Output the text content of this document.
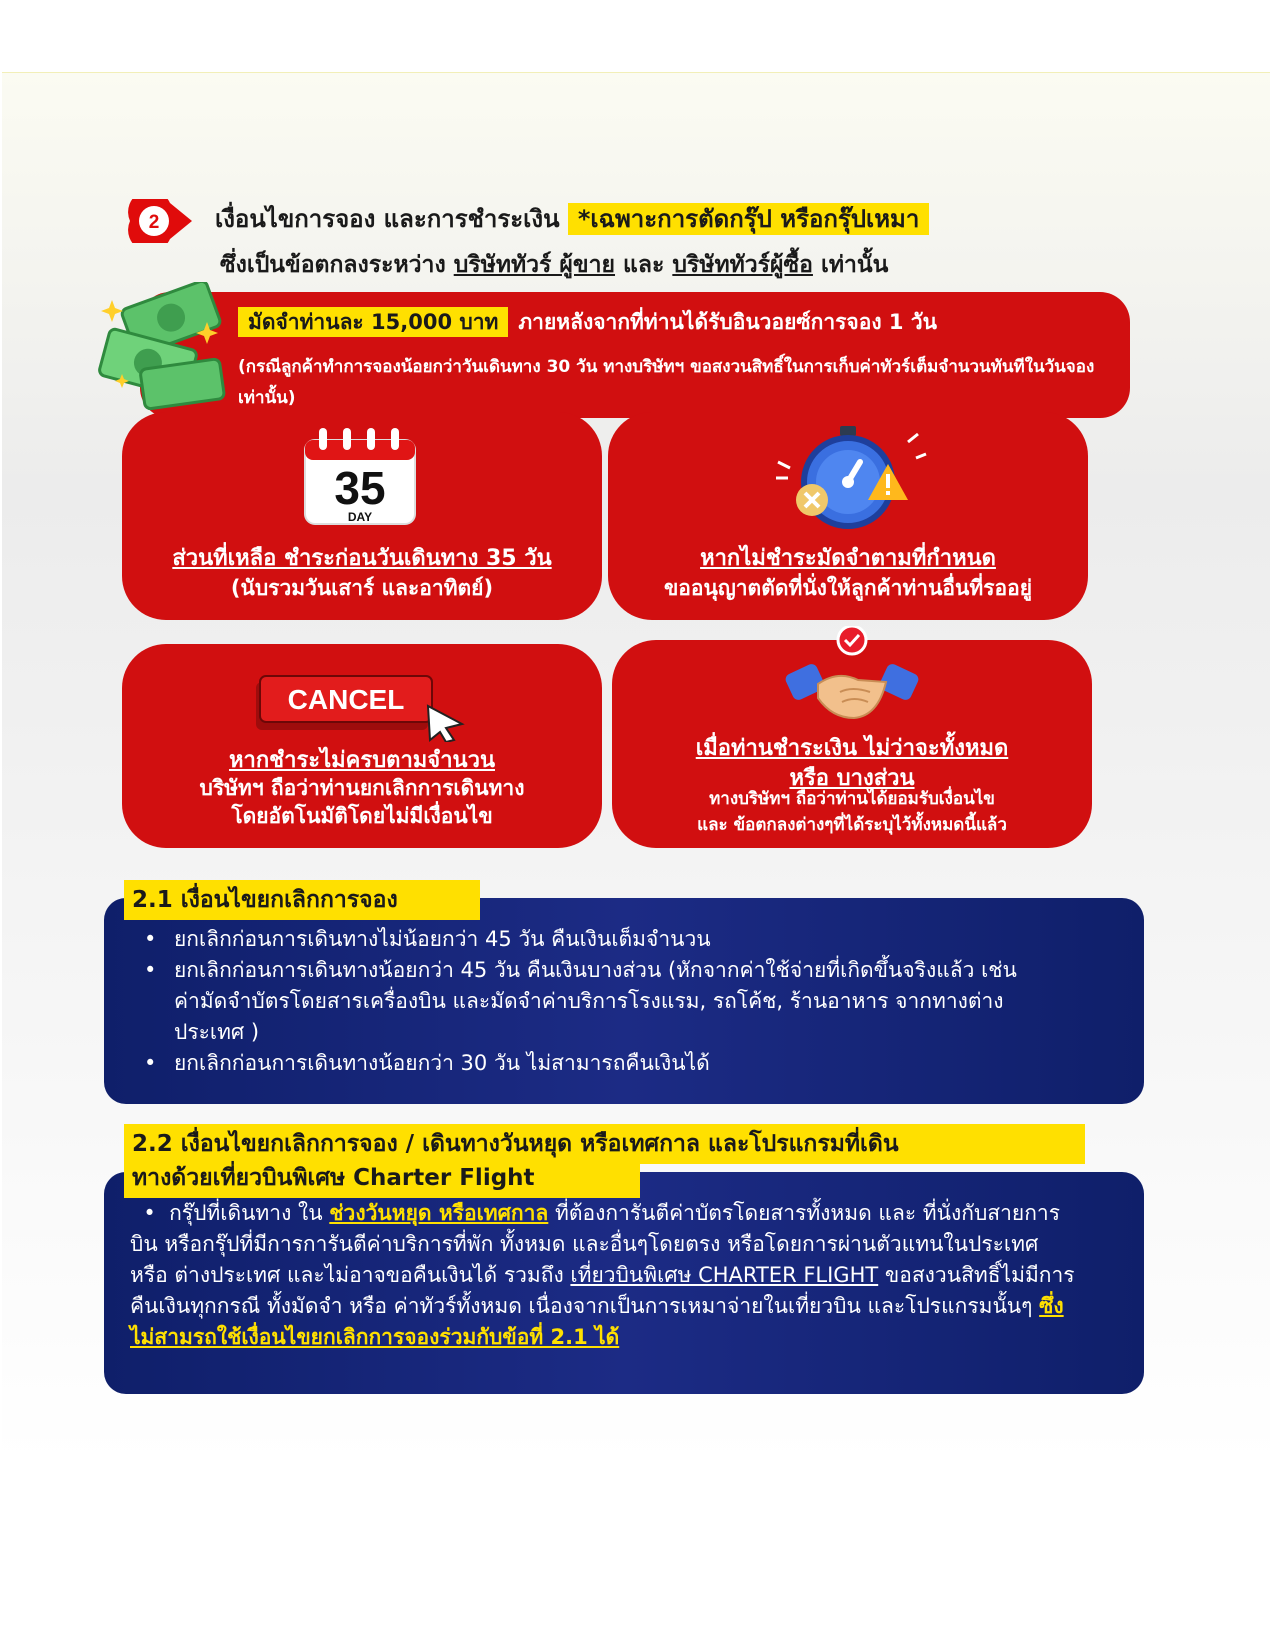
2 เงื่อนไขการจอง และการชำระเงิน *เฉพาะการตัดกรุ๊ป หรือกรุ๊ปเหมา
ซึ่งเป็นข้อตกลงระหว่าง บริษัททัวร์ ผู้ขาย และ บริษัททัวร์ผู้ซื้อ เท่านั้น
มัดจำท่านละ 15,000 บาท ภายหลังจากที่ท่านได้รับอินวอยซ์การจอง 1 วัน
(กรณีลูกค้าทำการจองน้อยกว่าวันเดินทาง 30 วัน ทางบริษัทฯ ขอสงวนสิทธิ์ในการเก็บค่าทัวร์เต็มจำนวนทันทีในวันจองเท่านั้น)
35
DAY
ส่วนที่เหลือ ชำระก่อนวันเดินทาง 35 วัน
(นับรวมวันเสาร์ และอาทิตย์)
หากไม่ชำระมัดจำตามที่กำหนด
ขออนุญาตตัดที่นั่งให้ลูกค้าท่านอื่นที่รออยู่
CANCEL
หากชำระไม่ครบตามจำนวน
บริษัทฯ ถือว่าท่านยกเลิกการเดินทาง
โดยอัตโนมัติโดยไม่มีเงื่อนไข
เมื่อท่านชำระเงิน ไม่ว่าจะทั้งหมด
หรือ บางส่วน
ทางบริษัทฯ ถือว่าท่านได้ยอมรับเงื่อนไข
และ ข้อตกลงต่างๆที่ได้ระบุไว้ทั้งหมดนี้แล้ว
• ยกเลิกก่อนการเดินทางไม่น้อยกว่า 45 วัน คืนเงินเต็มจำนวน
• ยกเลิกก่อนการเดินทางน้อยกว่า 45 วัน คืนเงินบางส่วน (หักจากค่าใช้จ่ายที่เกิดขึ้นจริงแล้ว เช่น ค่ามัดจำบัตรโดยสารเครื่องบิน และมัดจำค่าบริการโรงแรม, รถโค้ช, ร้านอาหาร จากทางต่างประเทศ )
• ยกเลิกก่อนการเดินทางน้อยกว่า 30 วัน ไม่สามารถคืนเงินได้
2.1 เงื่อนไขยกเลิกการจอง
•  กรุ๊ปที่เดินทาง ใน ช่วงวันหยุด หรือเทศกาล ที่ต้องการันตีค่าบัตรโดยสารทั้งหมด และ ที่นั่งกับสายการบิน หรือกรุ๊ปที่มีการการันตีค่าบริการที่พัก ทั้งหมด และอื่นๆโดยตรง หรือโดยการผ่านตัวแทนในประเทศ หรือ ต่างประเทศ และไม่อาจขอคืนเงินได้ รวมถึง เที่ยวบินพิเศษ CHARTER FLIGHT ขอสงวนสิทธิ์ไม่มีการคืนเงินทุกกรณี ทั้งมัดจำ หรือ ค่าทัวร์ทั้งหมด เนื่องจากเป็นการเหมาจ่ายในเที่ยวบิน และโปรแกรมนั้นๆ ซึ่งไม่สามรถใช้เงื่อนไขยกเลิกการจองร่วมกับข้อที่ 2.1 ได้
2.2 เงื่อนไขยกเลิกการจอง / เดินทางวันหยุด หรือเทศกาล และโปรแกรมที่เดิน
ทางด้วยเที่ยวบินพิเศษ Charter Flight
